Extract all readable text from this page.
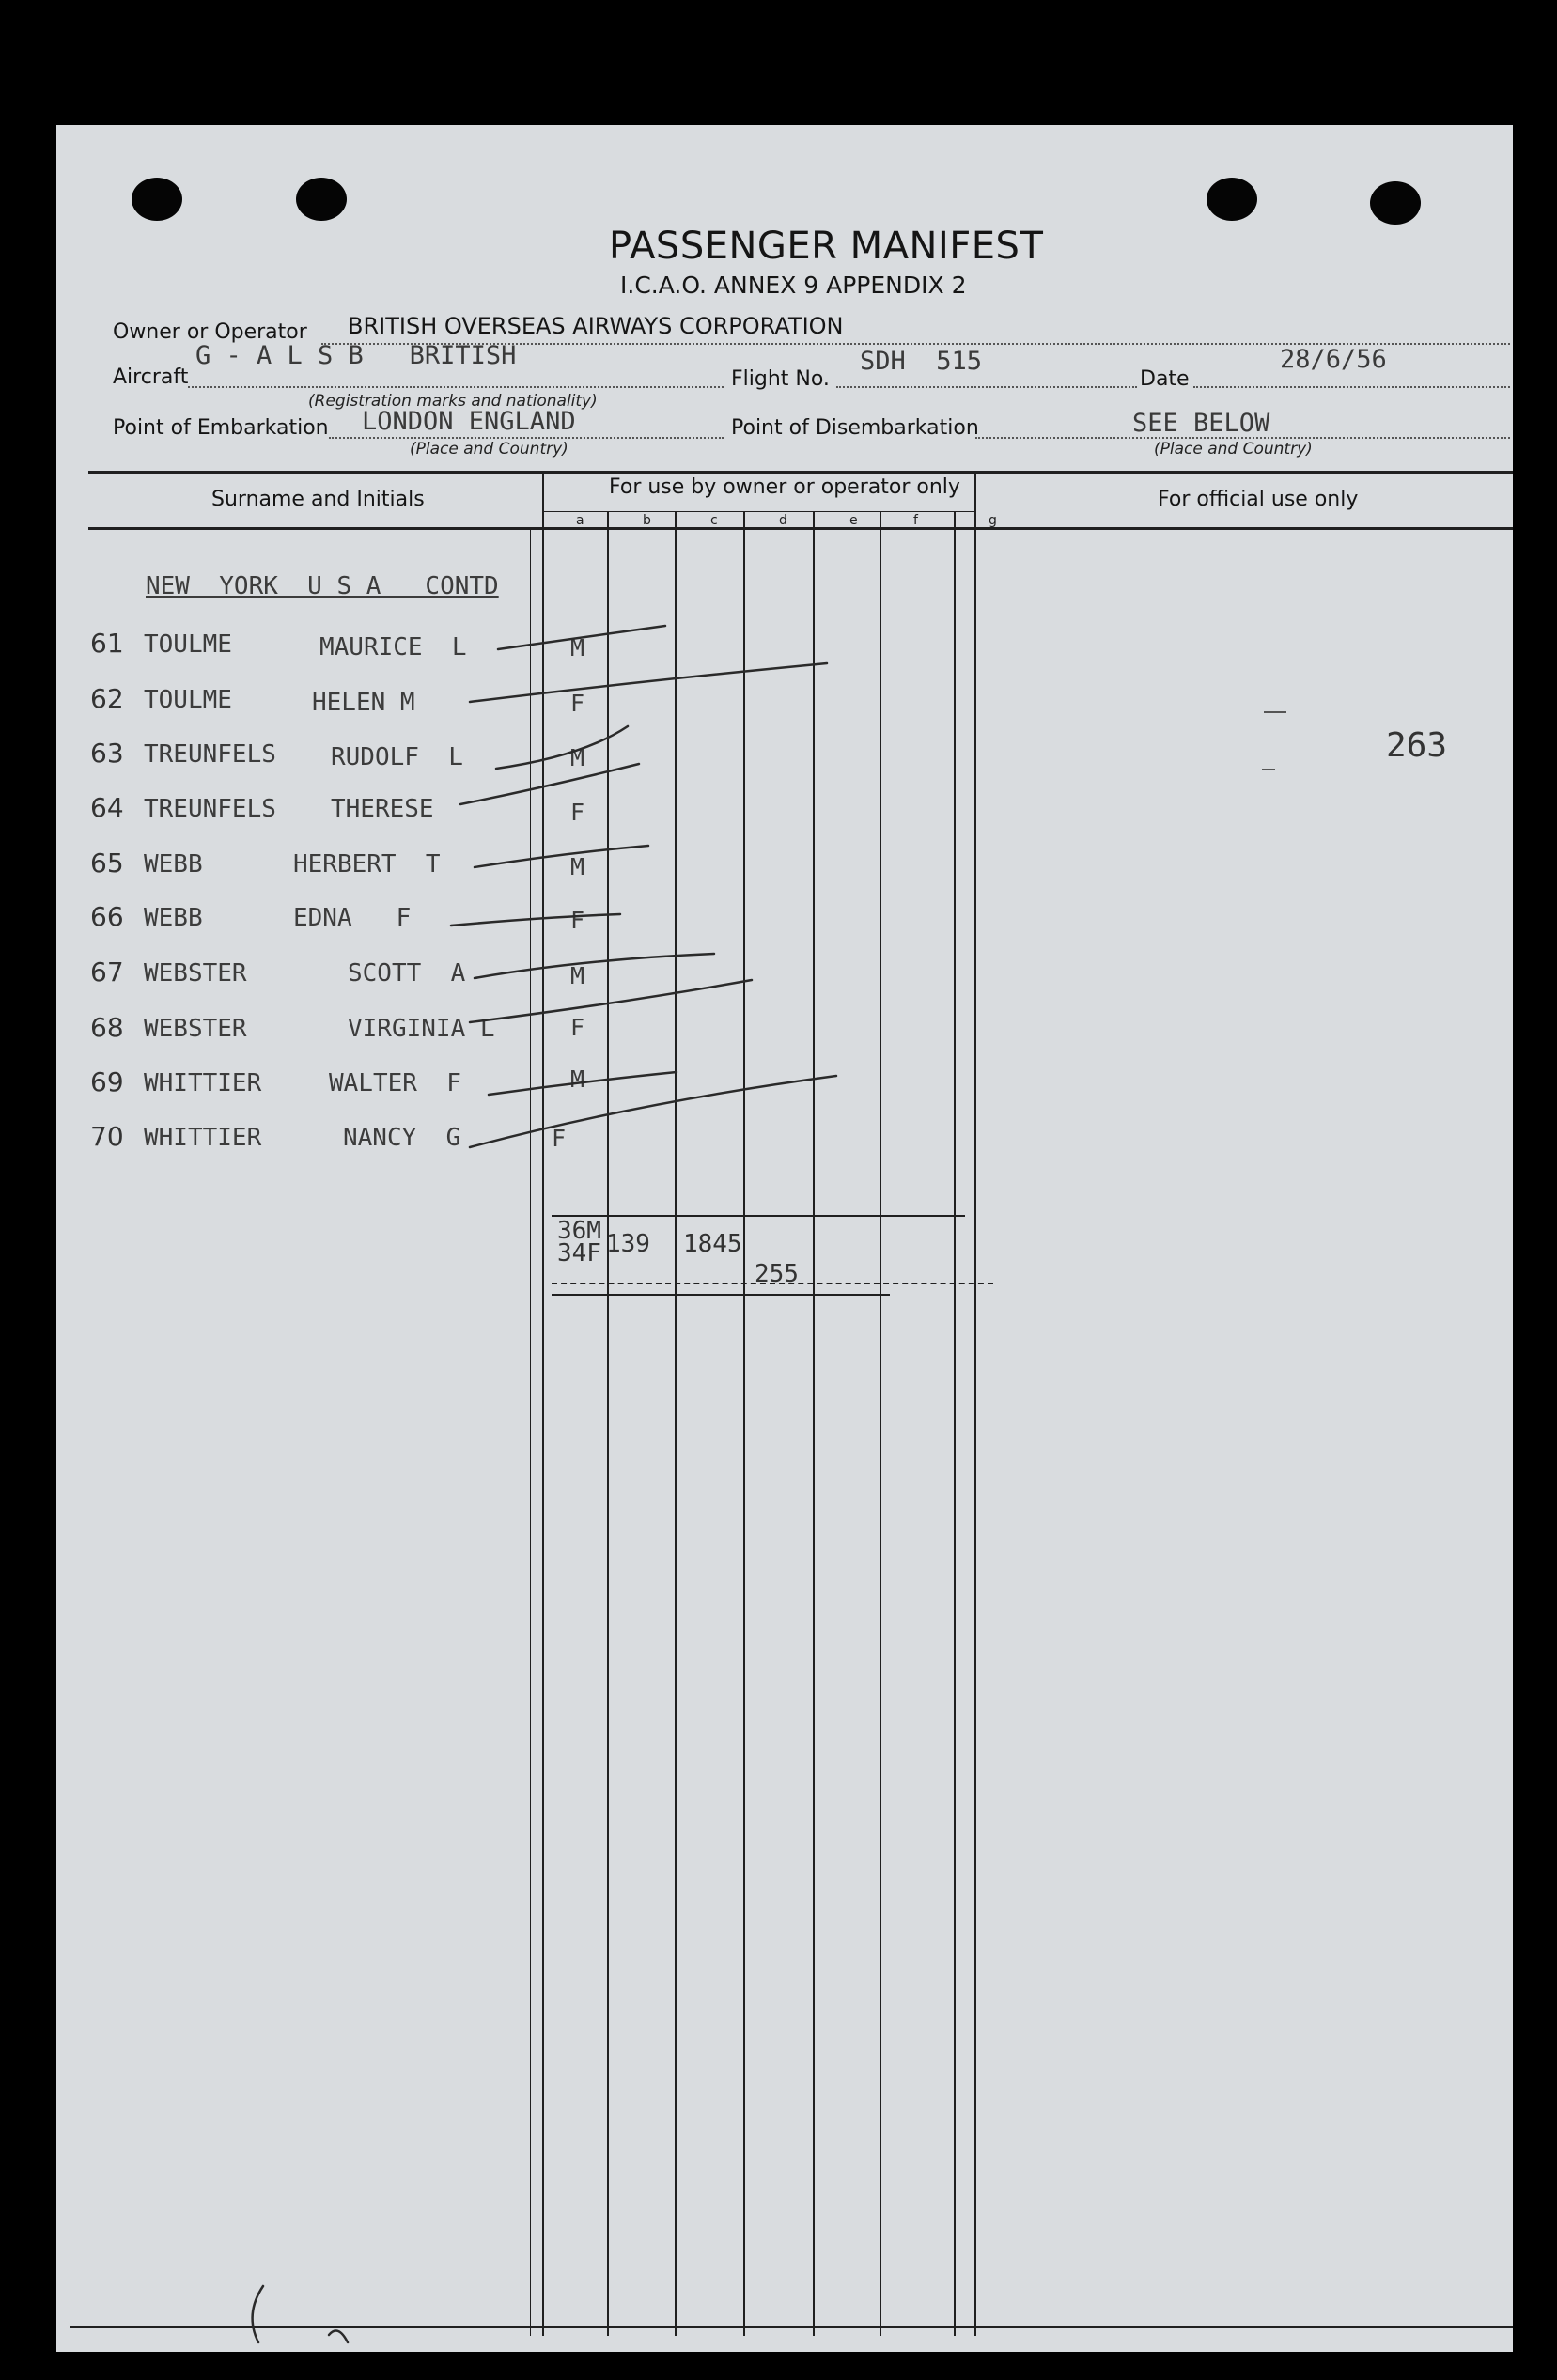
PASSENGER MANIFEST
I.C.A.O. ANNEX 9 APPENDIX 2
Owner or Operator BRITISH OVERSEAS AIRWAYS CORPORATION
Aircraft
G - A L S B   BRITISH
Flight No.
SDH  515
Date
28/6/56
(Registration marks and nationality)
Point of Embarkation LONDON ENGLAND	Point of Disembarkation	SEE BELOW
(Place and Country)	(Place and Country)
Surname and Initials
For use by owner or operator only
For official use only
a	b	c	d	e	f	g
NEW  YORK  U S A   CONTD
61 TOULME	MAURICE  L	M
62 TOULME	HELEN M	F
63 TREUNFELS RUDOLF  L	M
64 TREUNFELS THERESE	F
65 WEBB	HERBERT  T	M
66 WEBB	EDNA   F	F
67 WEBSTER	SCOTT  A	M
68 WEBSTER	VIRGINIA L	F
69 WHITTIER	WALTER  F	M
70 WHITTIER	NANCY  G	F
263
36M
34F 139 1845
255
